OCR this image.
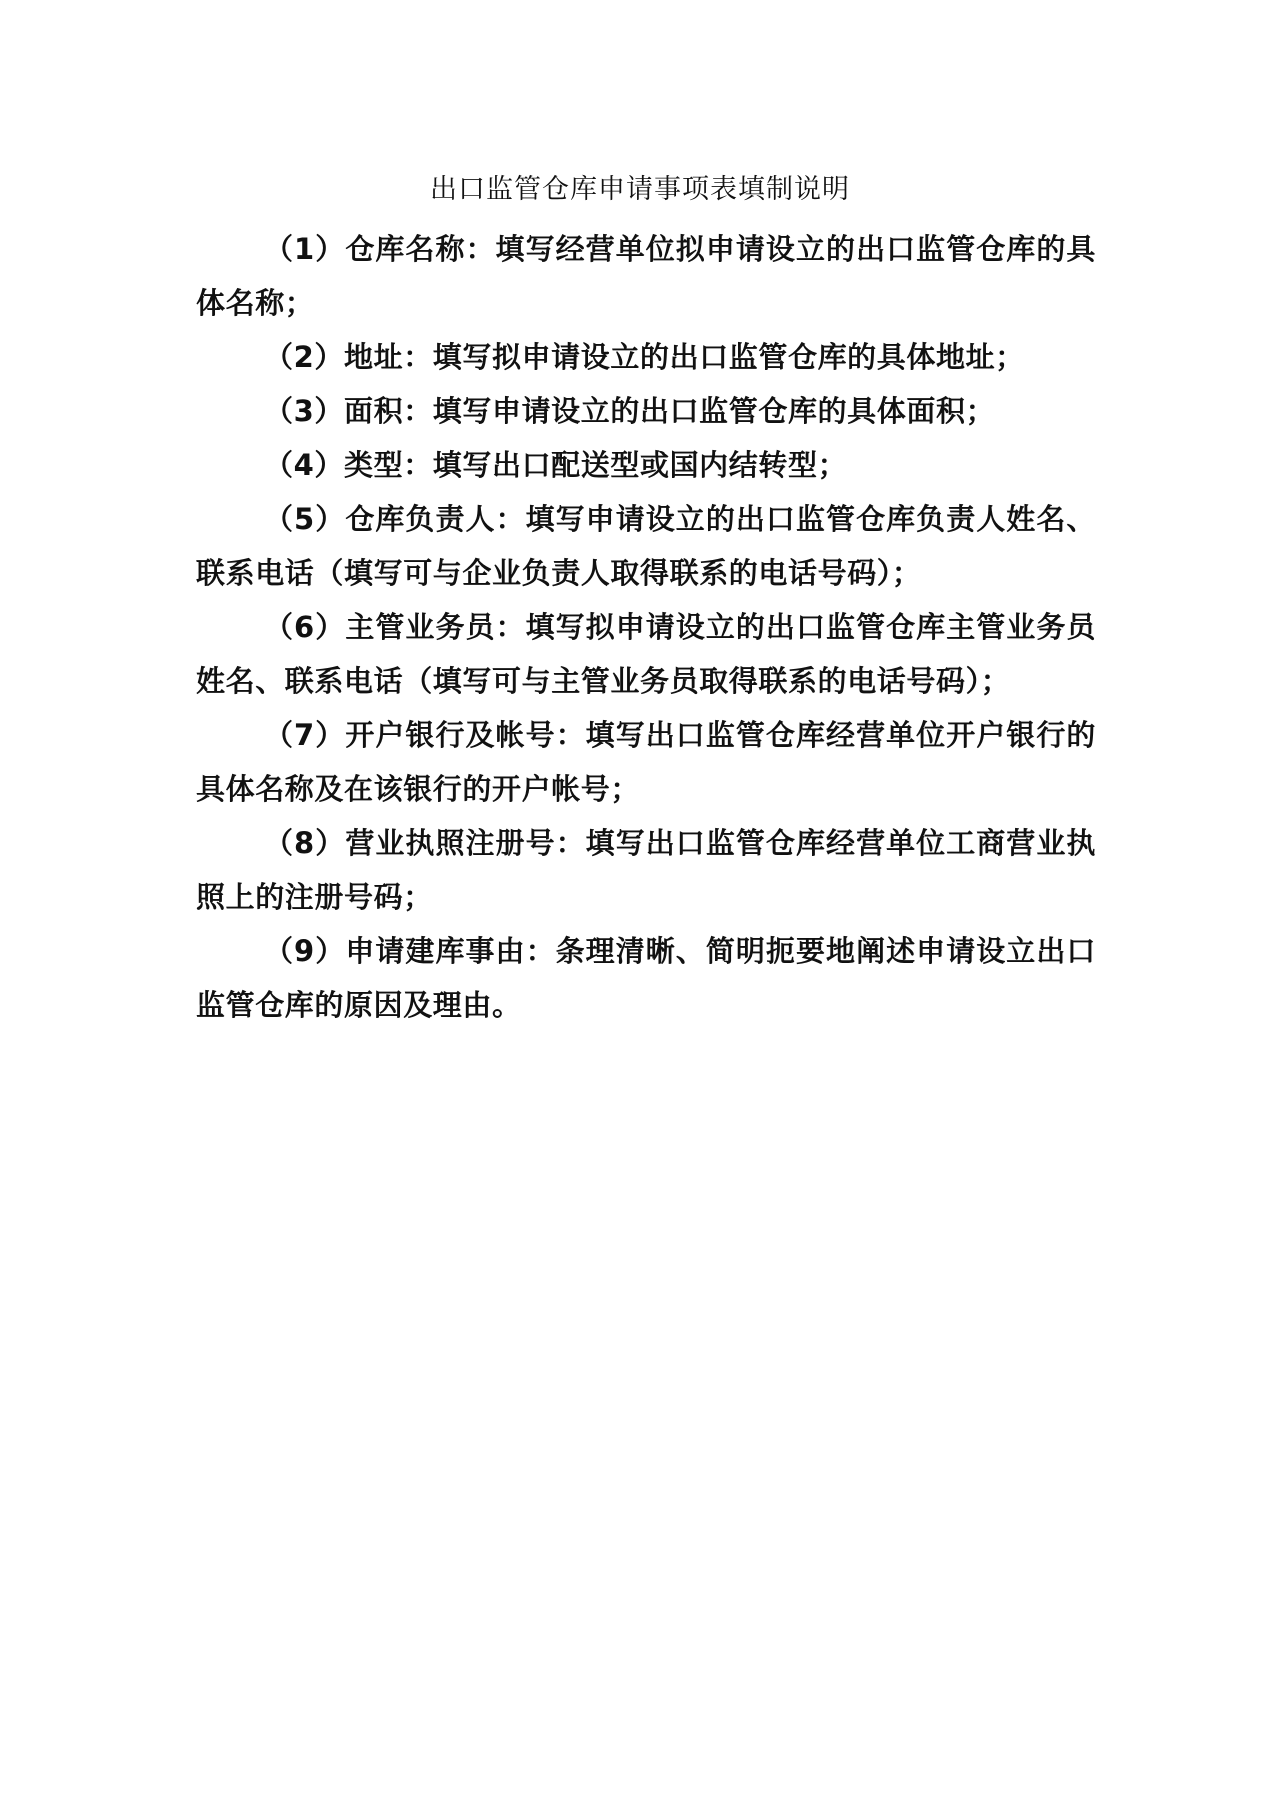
出口监管仓库申请事项表填制说明

（1）仓库名称：填写经营单位拟申请设立的出口监管仓库的具体名称；

（2）地址：填写拟申请设立的出口监管仓库的具体地址；

（3）面积：填写申请设立的出口监管仓库的具体面积；

（4）类型：填写出口配送型或国内结转型；

（5）仓库负责人：填写申请设立的出口监管仓库负责人姓名、联系电话（填写可与企业负责人取得联系的电话号码）；

（6）主管业务员：填写拟申请设立的出口监管仓库主管业务员姓名、联系电话（填写可与主管业务员取得联系的电话号码）；

（7）开户银行及帐号：填写出口监管仓库经营单位开户银行的具体名称及在该银行的开户帐号；

（8）营业执照注册号：填写出口监管仓库经营单位工商营业执照上的注册号码；

（9）申请建库事由：条理清晰、简明扼要地阐述申请设立出口监管仓库的原因及理由。
